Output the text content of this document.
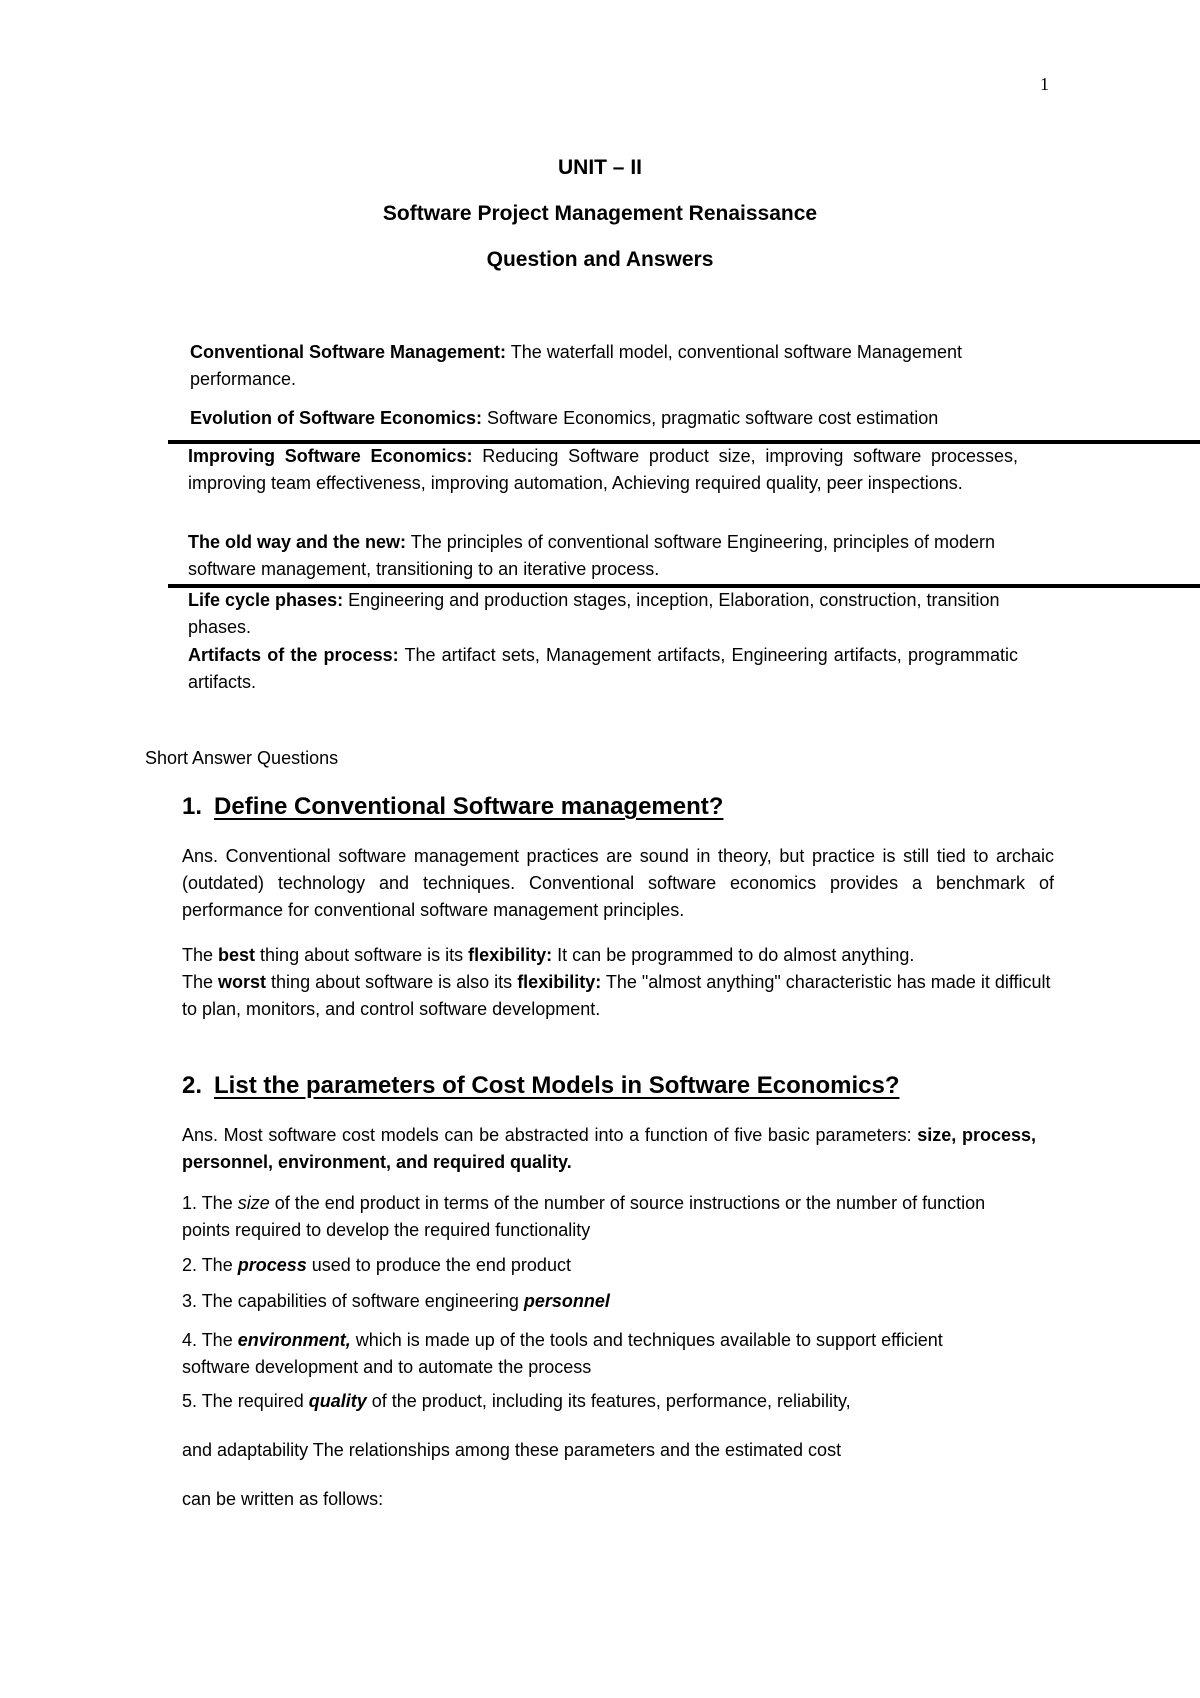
1
UNIT – II
Software Project Management Renaissance
Question and Answers
Conventional Software Management: The waterfall model, conventional software Management performance.
Evolution of Software Economics: Software Economics, pragmatic software cost estimation
Improving Software Economics: Reducing Software product size, improving software processes, improving team effectiveness, improving automation, Achieving required quality, peer inspections.
The old way and the new: The principles of conventional software Engineering, principles of modern software management, transitioning to an iterative process.
Life cycle phases: Engineering and production stages, inception, Elaboration, construction, transition phases.
Artifacts of the process: The artifact sets, Management artifacts, Engineering artifacts, programmatic artifacts.
Short Answer Questions
1. Define Conventional Software management?
Ans. Conventional software management practices are sound in theory, but practice is still tied to archaic (outdated) technology and techniques. Conventional software economics provides a benchmark of performance for conventional software management principles.
The best thing about software is its flexibility: It can be programmed to do almost anything.
The worst thing about software is also its flexibility: The "almost anything" characteristic has made it difficult to plan, monitors, and control software development.
2. List the parameters of Cost Models in Software Economics?
Ans. Most software cost models can be abstracted into a function of five basic parameters: size, process, personnel, environment, and required quality.
1. The size of the end product in terms of the number of source instructions or the number of function points required to develop the required functionality
2. The process used to produce the end product
3. The capabilities of software engineering personnel
4. The environment, which is made up of the tools and techniques available to support efficient software development and to automate the process
5. The required quality of the product, including its features, performance, reliability,
and adaptability The relationships among these parameters and the estimated cost
can be written as follows:
